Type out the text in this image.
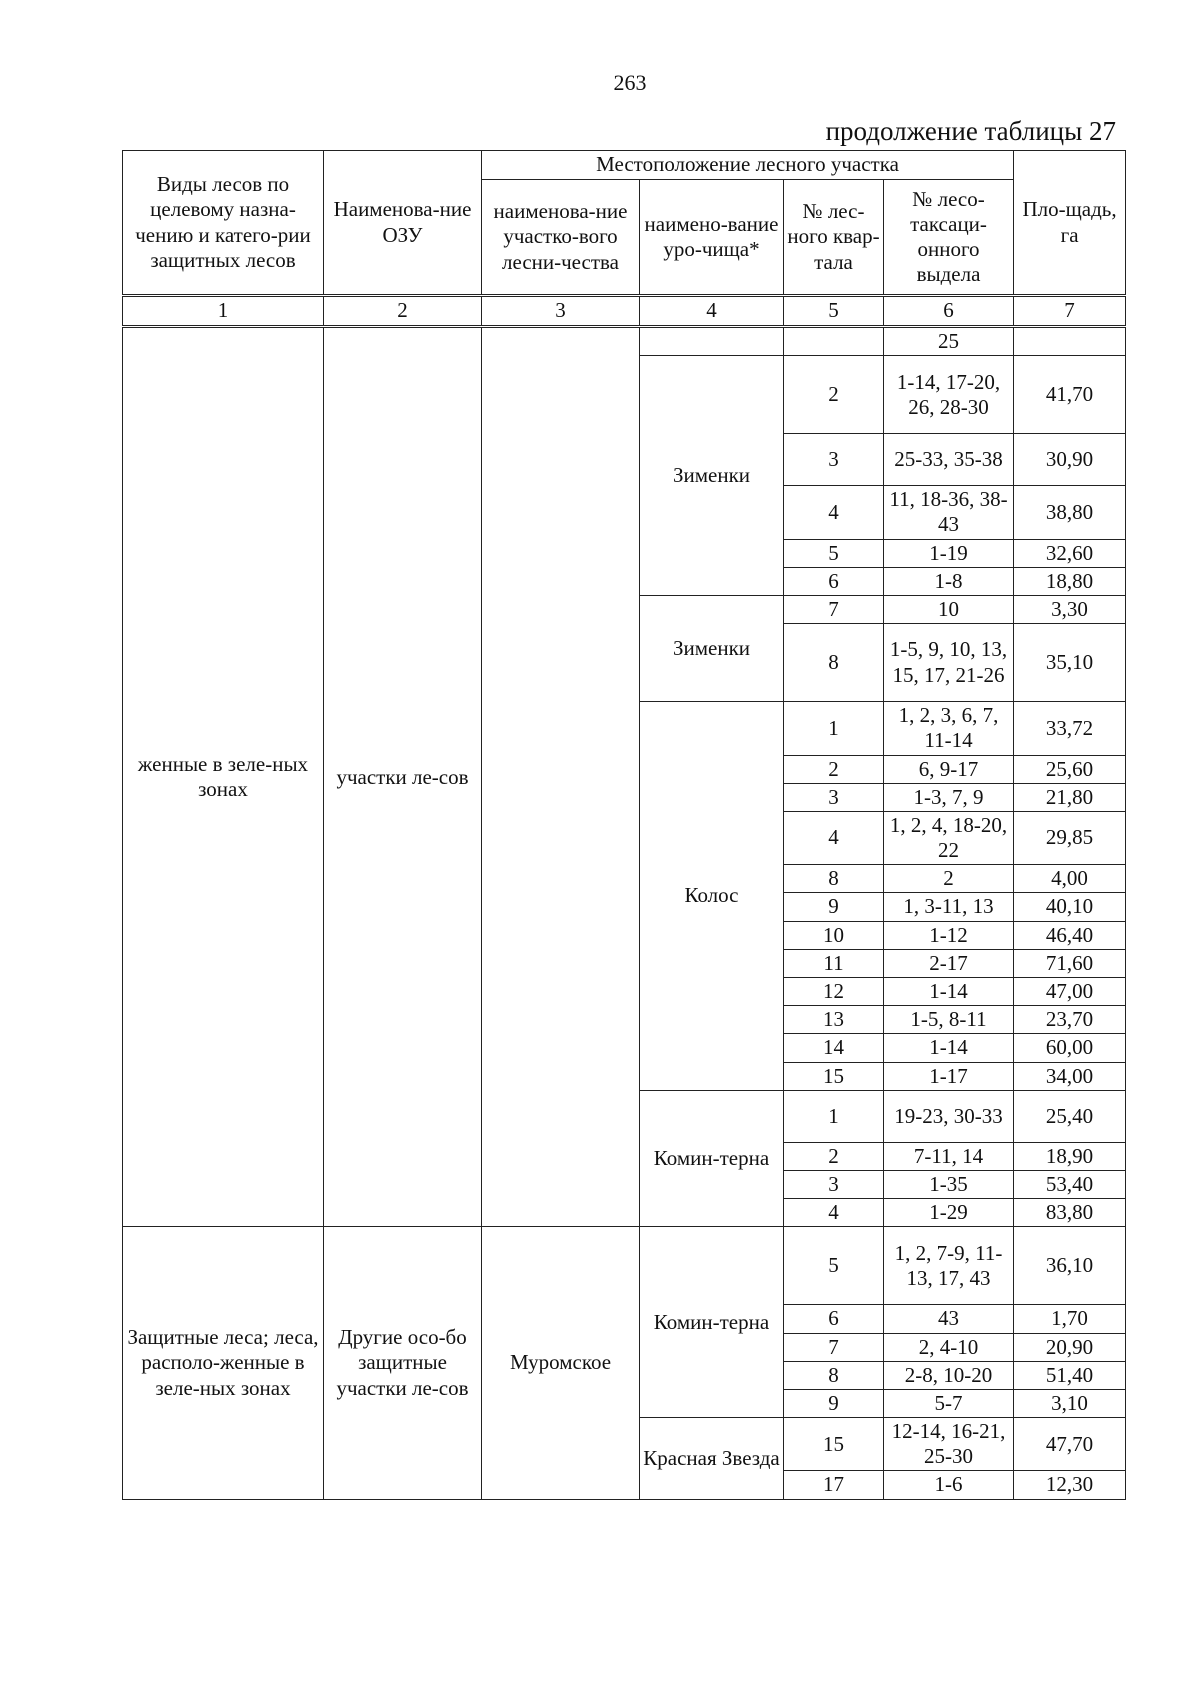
263
продолжение таблицы 27
Виды лесов по целевому назна-чению и катего-рии защитных лесов	Наименова-ние ОЗУ	Местоположение лесного участка				Пло-щадь, га
		наименова-ние участко-вого лесни-чества	наимено-вание уро-чища*	№ лес-ного квар-тала	№ лесо-таксаци-онного выдела	
1	2	3	4	5	6	7
женные в зеле-ных зонах	участки ле-сов				25	
			Зименки	2	1-14, 17-20, 26, 28-30	41,70
				3	25-33, 35-38	30,90
				4	11, 18-36, 38-43	38,80
				5	1-19	32,60
				6	1-8	18,80
			Зименки	7	10	3,30
				8	1-5, 9, 10, 13, 15, 17, 21-26	35,10
			Колос	1	1, 2, 3, 6, 7, 11-14	33,72
				2	6, 9-17	25,60
				3	1-3, 7, 9	21,80
				4	1, 2, 4, 18-20, 22	29,85
				8	2	4,00
				9	1, 3-11, 13	40,10
				10	1-12	46,40
				11	2-17	71,60
				12	1-14	47,00
				13	1-5, 8-11	23,70
				14	1-14	60,00
				15	1-17	34,00
			Комин-терна	1	19-23, 30-33	25,40
				2	7-11, 14	18,90
				3	1-35	53,40
				4	1-29	83,80
Защитные леса; леса, располо-женные в зеле-ных зонах	Другие осо-бо защитные участки ле-сов	Муромское	Комин-терна	5	1, 2, 7-9, 11-13, 17, 43	36,10
				6	43	1,70
				7	2, 4-10	20,90
				8	2-8, 10-20	51,40
				9	5-7	3,10
			Красная Звезда	15	12-14, 16-21, 25-30	47,70
				17	1-6	12,30
